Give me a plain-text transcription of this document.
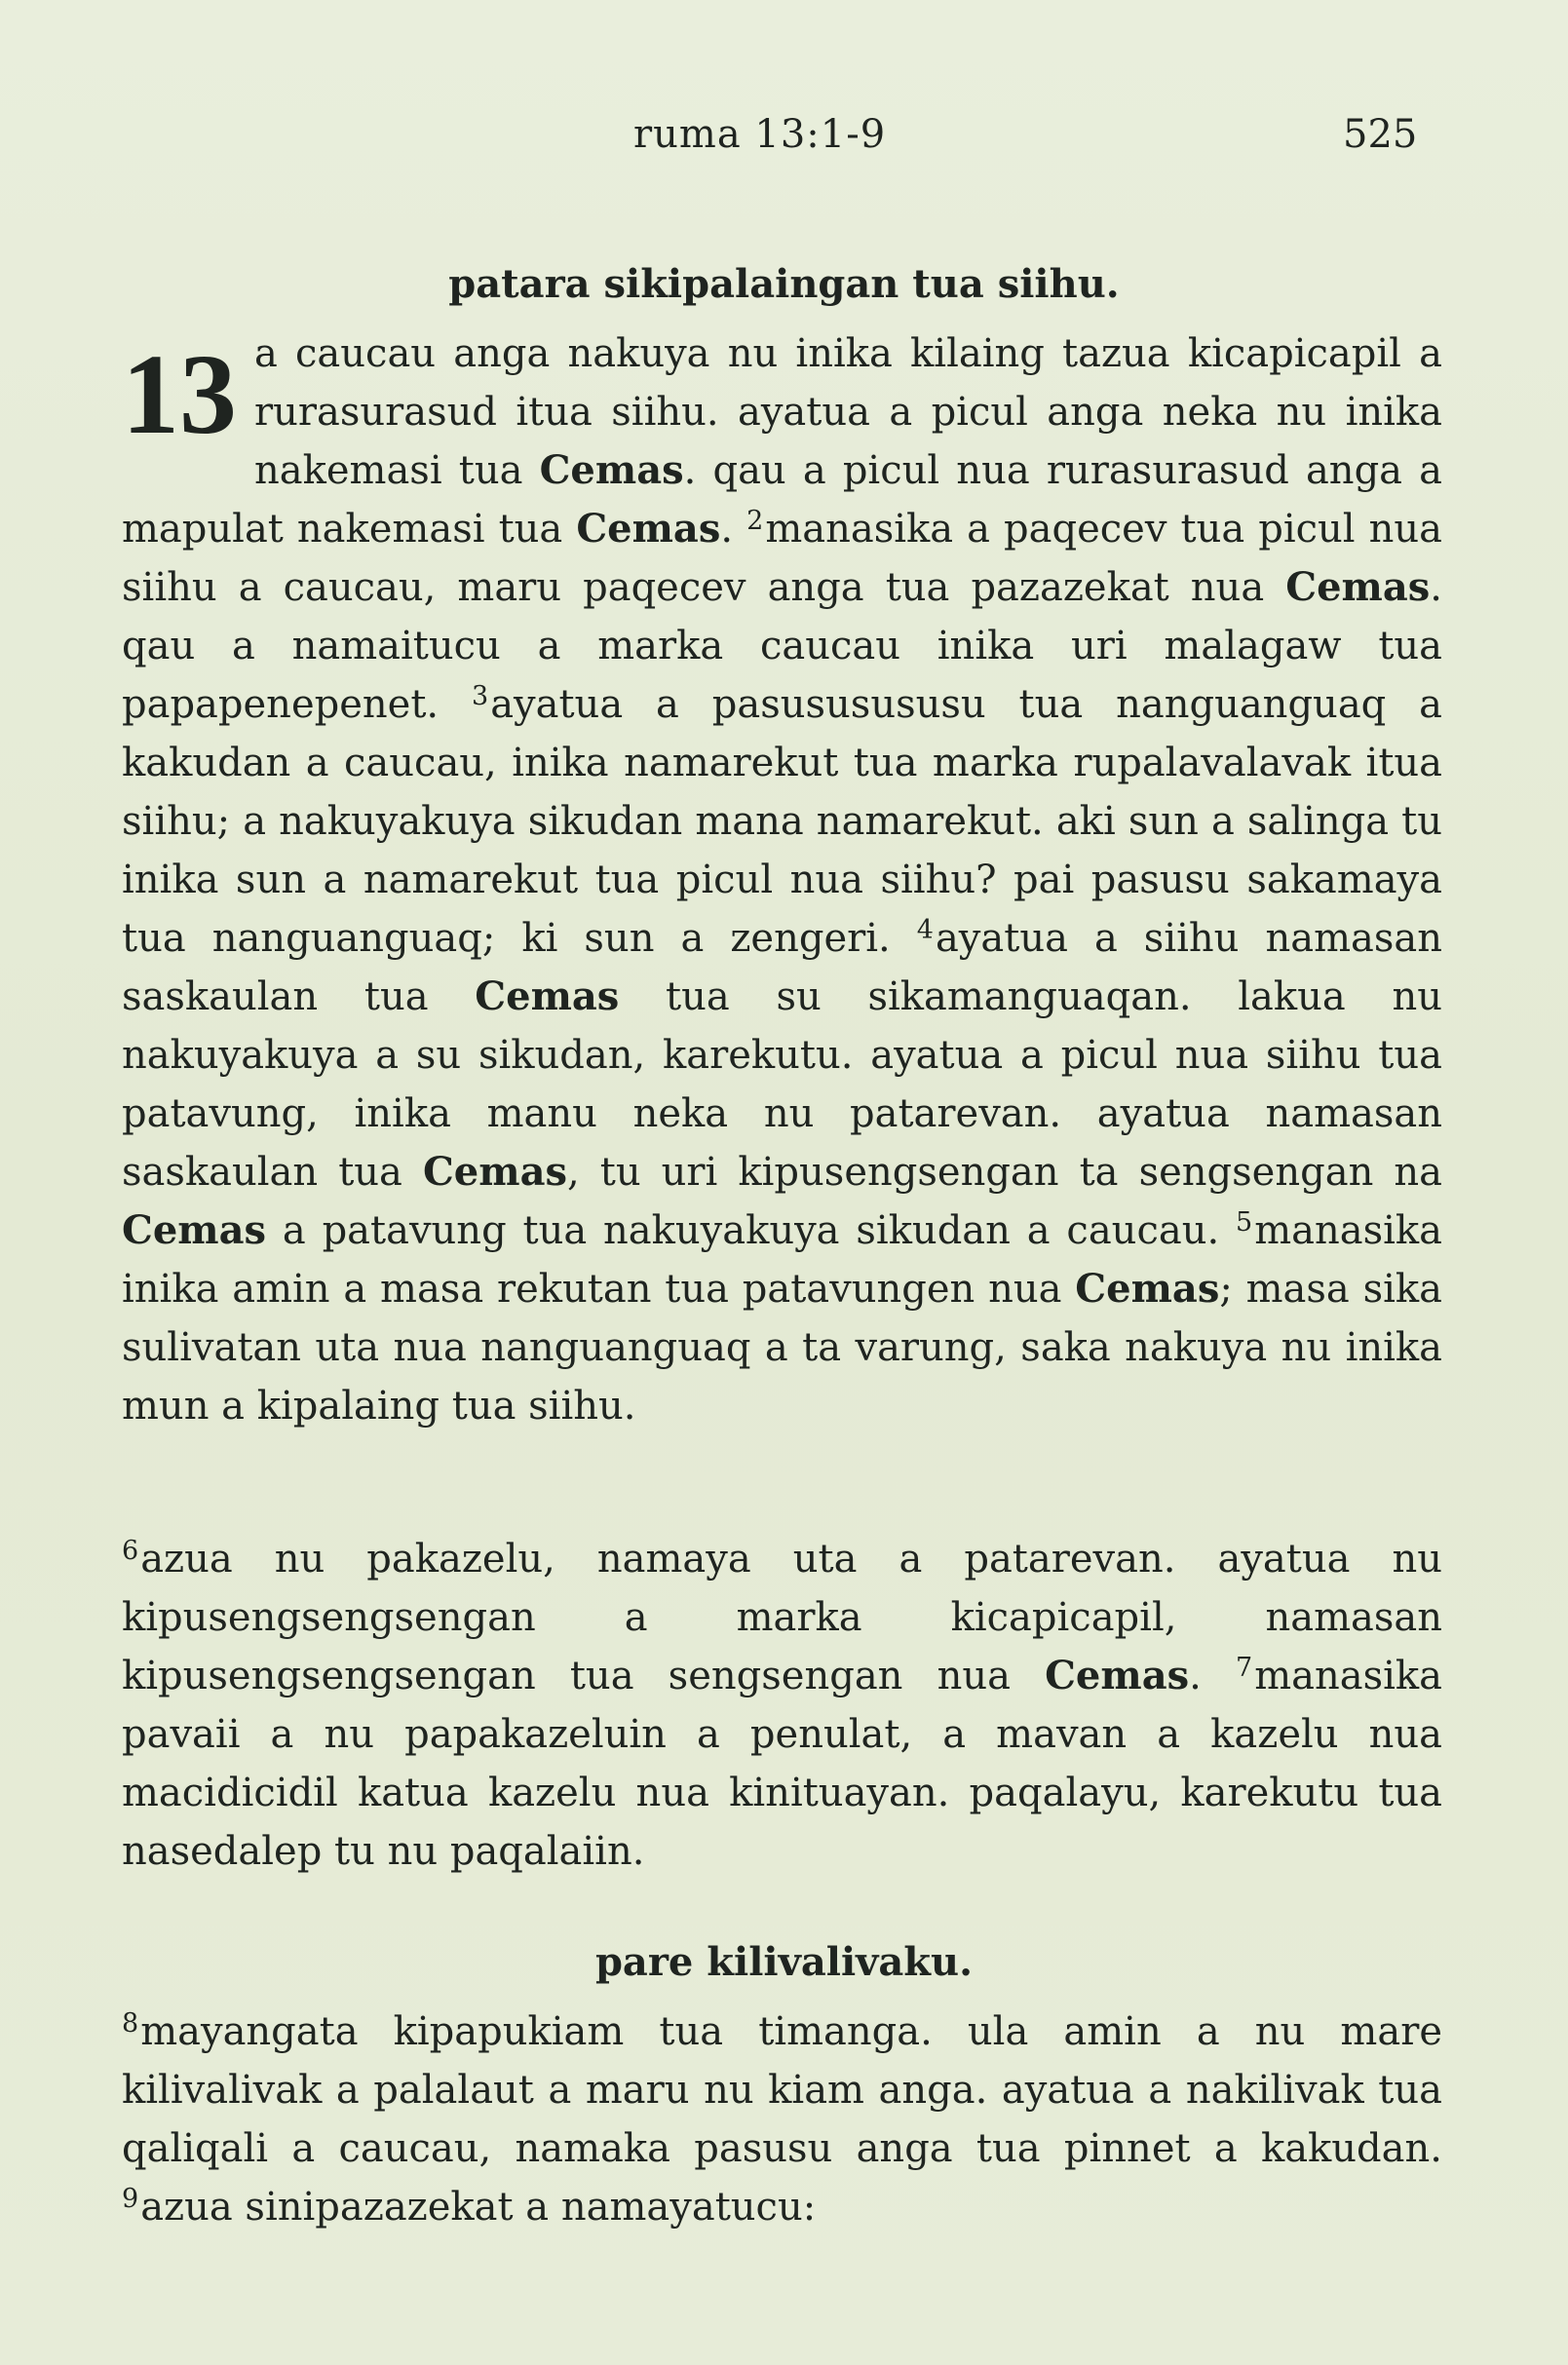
ruma 13:1-9	525
patara sikipalaingan tua siihu.

13 a caucau anga nakuya nu inika kilaing tazua kicapicapil a rurasurasud itua siihu. ayatua a picul anga neka nu inika nakemasi tua Cemas. qau a picul nua rurasurasud anga a mapulat nakemasi tua Cemas. $^2$manasika a paqecev tua picul nua siihu a caucau, maru paqecev anga tua pazazekat nua Cemas. qau a namaitucu a marka caucau inika uri malagaw tua papapenepenet. $^3$ayatua a pasususususu tua nanguanguaq a kakudan a caucau, inika namarekut tua marka rupalavalavak itua siihu; a nakuyakuya sikudan mana namarekut. aki sun a salinga tu inika sun a namarekut tua picul nua siihu? pai pasusu sakamaya tua nanguanguaq; ki sun a zengeri. $^4$ayatua a siihu namasan saskaulan tua Cemas tua su sikamanguaqan. lakua nu nakuyakuya a su sikudan, karekutu. ayatua a picul nua siihu tua patavung, inika manu neka nu patarevan. ayatua namasan saskaulan tua Cemas, tu uri kipusengsengan ta sengsengan na Cemas a patavung tua nakuyakuya sikudan a caucau. $^5$manasika inika amin a masa rekutan tua patavungen nua Cemas; masa sika sulivatan uta nua nanguanguaq a ta varung, saka nakuya nu inika mun a kipalaing tua siihu.

$^6$azua nu pakazelu, namaya uta a patarevan. ayatua nu kipusengsengsengan a marka kicapicapil, namasan kipusengsengsengan tua sengsengan nua Cemas. $^7$manasika pavaii a nu papakazeluin a penulat, a mavan a kazelu nua macidicidil katua kazelu nua kinituayan. paqalayu, karekutu tua nasedalep tu nu paqalaiin.

pare kilivalivaku.

$^8$mayangata kipapukiam tua timanga. ula amin a nu mare kilivalivak a palalaut a maru nu kiam anga. ayatua a nakilivak tua qaliqali a caucau, namaka pasusu anga tua pinnet a kakudan. $^9$azua sinipazazekat a namayatucu:
